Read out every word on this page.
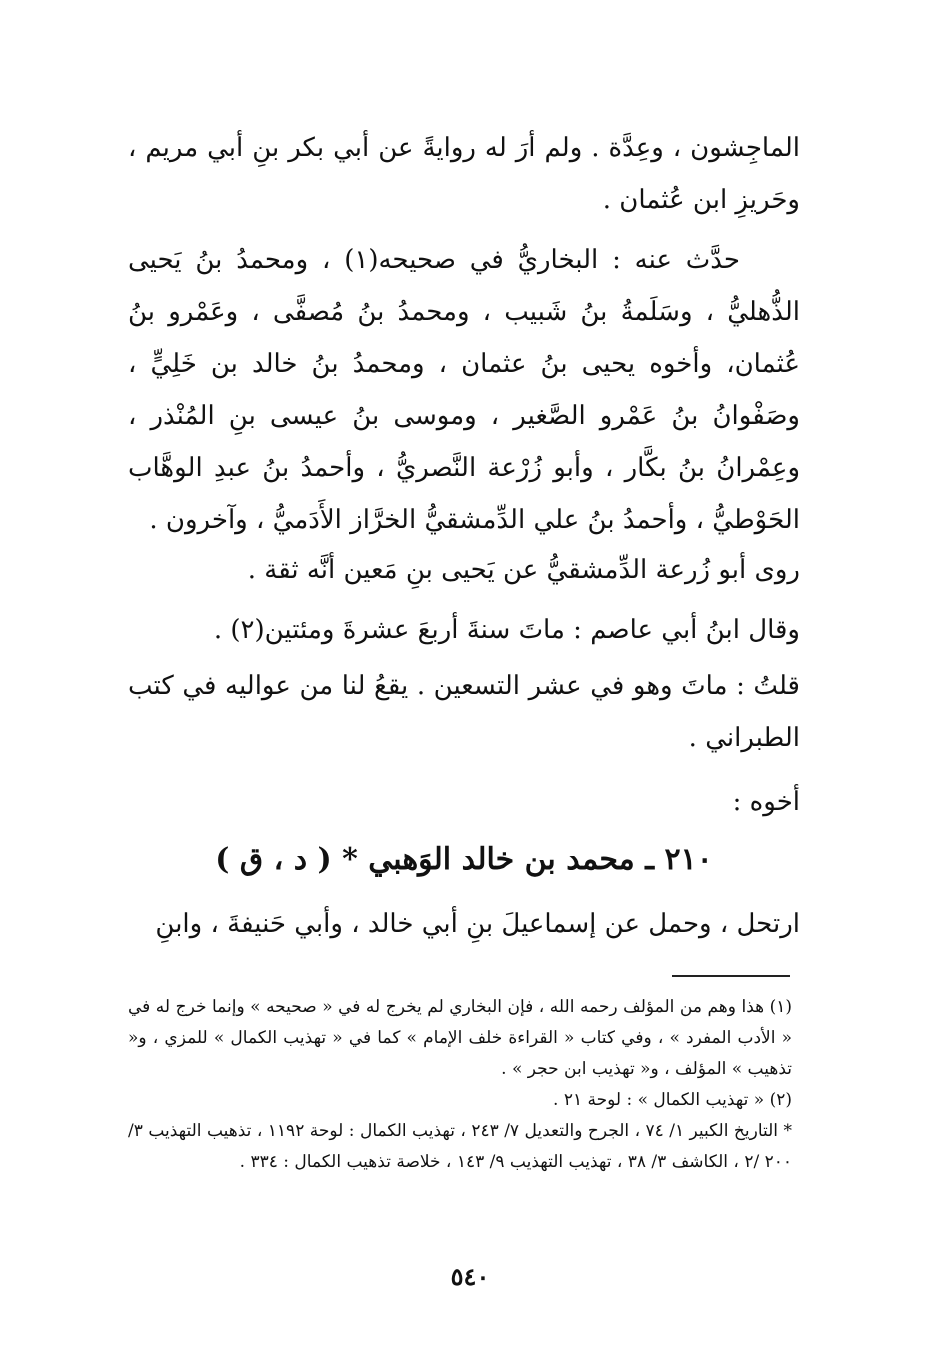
الماجِشون ، وعِدَّة . ولم أرَ له روايةً عن أبي بكر بنِ أبي مريم ، وحَريزِ ابن عُثمان .

حدَّث عنه : البخاريُّ في صحيحه(١) ، ومحمدُ بنُ يَحيى الذُّهليُّ ، وسَلَمةُ بنُ شَبيب ، ومحمدُ بنُ مُصفَّى ، وعَمْرو بنُ عُثمان، وأخوه يحيى بنُ عثمان ، ومحمدُ بنُ خالد بن خَلِيٍّ ، وصَفْوانُ بنُ عَمْرو الصَّغير ، وموسى بنُ عيسى بنِ المُنْذر ، وعِمْرانُ بنُ بكَّار ، وأبو زُرْعة النَّصريُّ ، وأحمدُ بنُ عبدِ الوهَّاب الحَوْطيُّ ، وأحمدُ بنُ علي الدِّمشقيُّ الخرَّاز الأَدَميُّ ، وآخرون .

روى أبو زُرعة الدِّمشقيُّ عن يَحيى بنِ مَعين أنَّه ثقة .

وقال ابنُ أبي عاصم : ماتَ سنةَ أربعَ عشرةَ ومئتين(٢) .

قلتُ : ماتَ وهو في عشر التسعين . يقعُ لنا من عواليه في كتب الطبراني .

أخوه :

٢١٠ ـ محمد بن خالد الوَهبي * ( د ، ق )

ارتحل ، وحمل عن إسماعيلَ بنِ أبي خالد ، وأبي حَنيفةَ ، وابنِ

(١) هذا وهم من المؤلف رحمه الله ، فإن البخاري لم يخرج له في « صحيحه » وإنما خرج له في « الأدب المفرد » ، وفي كتاب « القراءة خلف الإمام » كما في « تهذيب الكمال » للمزي ، و« تذهيب » المؤلف ، و« تهذيب ابن حجر » .

(٢) « تهذيب الكمال » : لوحة ٢١ .

* التاريخ الكبير ١/ ٧٤ ، الجرح والتعديل ٧/ ٢٤٣ ، تهذيب الكمال : لوحة ١١٩٢ ، تذهيب التهذيب ٣/ ٢٠٠ /٢ ، الكاشف ٣/ ٣٨ ، تهذيب التهذيب ٩/ ١٤٣ ، خلاصة تذهيب الكمال : ٣٣٤ .

٥٤٠
